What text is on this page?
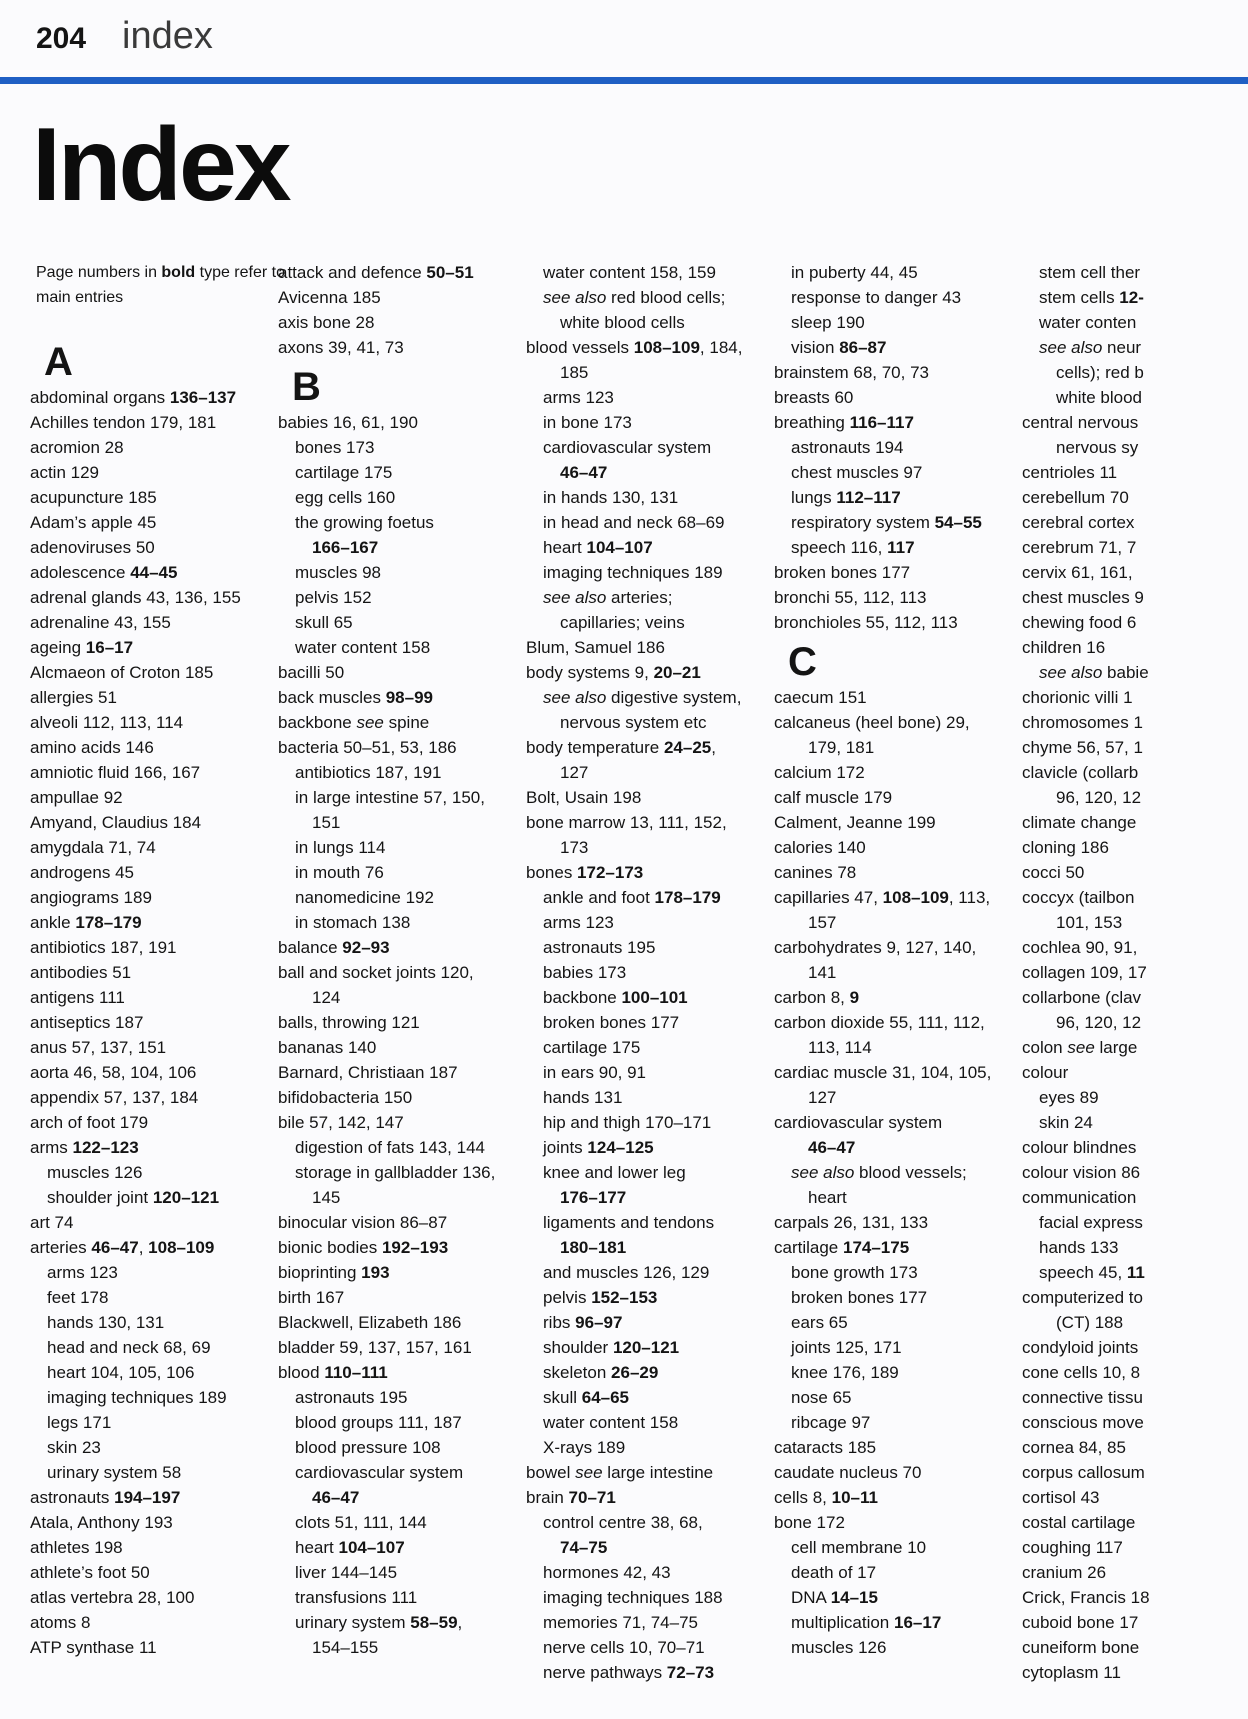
204 index
Index
Page numbers in bold type refer to main entries
A
abdominal organs 136–137
Achilles tendon 179, 181
acromion 28
actin 129
acupuncture 185
Adam’s apple 45
adenoviruses 50
adolescence 44–45
adrenal glands 43, 136, 155
adrenaline 43, 155
ageing 16–17
Alcmaeon of Croton 185
allergies 51
alveoli 112, 113, 114
amino acids 146
amniotic fluid 166, 167
ampullae 92
Amyand, Claudius 184
amygdala 71, 74
androgens 45
angiograms 189
ankle 178–179
antibiotics 187, 191
antibodies 51
antigens 111
antiseptics 187
anus 57, 137, 151
aorta 46, 58, 104, 106
appendix 57, 137, 184
arch of foot 179
arms 122–123
muscles 126
shoulder joint 120–121
art 74
arteries 46–47, 108–109
arms 123
feet 178
hands 130, 131
head and neck 68, 69
heart 104, 105, 106
imaging techniques 189
legs 171
skin 23
urinary system 58
astronauts 194–197
Atala, Anthony 193
athletes 198
athlete’s foot 50
atlas vertebra 28, 100
atoms 8
ATP synthase 11
attack and defence 50–51
Avicenna 185
axis bone 28
axons 39, 41, 73
B
babies 16, 61, 190
bones 173
cartilage 175
egg cells 160
the growing foetus
166–167
muscles 98
pelvis 152
skull 65
water content 158
bacilli 50
back muscles 98–99
backbone see spine
bacteria 50–51, 53, 186
antibiotics 187, 191
in large intestine 57, 150,
151
in lungs 114
in mouth 76
nanomedicine 192
in stomach 138
balance 92–93
ball and socket joints 120,
124
balls, throwing 121
bananas 140
Barnard, Christiaan 187
bifidobacteria 150
bile 57, 142, 147
digestion of fats 143, 144
storage in gallbladder 136,
145
binocular vision 86–87
bionic bodies 192–193
bioprinting 193
birth 167
Blackwell, Elizabeth 186
bladder 59, 137, 157, 161
blood 110–111
astronauts 195
blood groups 111, 187
blood pressure 108
cardiovascular system
46–47
clots 51, 111, 144
heart 104–107
liver 144–145
transfusions 111
urinary system 58–59,
154–155
water content 158, 159
see also red blood cells;
white blood cells
blood vessels 108–109, 184,
185
arms 123
in bone 173
cardiovascular system
46–47
in hands 130, 131
in head and neck 68–69
heart 104–107
imaging techniques 189
see also arteries;
capillaries; veins
Blum, Samuel 186
body systems 9, 20–21
see also digestive system,
nervous system etc
body temperature 24–25,
127
Bolt, Usain 198
bone marrow 13, 111, 152,
173
bones 172–173
ankle and foot 178–179
arms 123
astronauts 195
babies 173
backbone 100–101
broken bones 177
cartilage 175
in ears 90, 91
hands 131
hip and thigh 170–171
joints 124–125
knee and lower leg
176–177
ligaments and tendons
180–181
and muscles 126, 129
pelvis 152–153
ribs 96–97
shoulder 120–121
skeleton 26–29
skull 64–65
water content 158
X-rays 189
bowel see large intestine
brain 70–71
control centre 38, 68,
74–75
hormones 42, 43
imaging techniques 188
memories 71, 74–75
nerve cells 10, 70–71
nerve pathways 72–73
in puberty 44, 45
response to danger 43
sleep 190
vision 86–87
brainstem 68, 70, 73
breasts 60
breathing 116–117
astronauts 194
chest muscles 97
lungs 112–117
respiratory system 54–55
speech 116, 117
broken bones 177
bronchi 55, 112, 113
bronchioles 55, 112, 113
C
caecum 151
calcaneus (heel bone) 29,
179, 181
calcium 172
calf muscle 179
Calment, Jeanne 199
calories 140
canines 78
capillaries 47, 108–109, 113,
157
carbohydrates 9, 127, 140,
141
carbon 8, 9
carbon dioxide 55, 111, 112,
113, 114
cardiac muscle 31, 104, 105,
127
cardiovascular system
46–47
see also blood vessels;
heart
carpals 26, 131, 133
cartilage 174–175
bone growth 173
broken bones 177
ears 65
joints 125, 171
knee 176, 189
nose 65
ribcage 97
cataracts 185
caudate nucleus 70
cells 8, 10–11
bone 172
cell membrane 10
death of 17
DNA 14–15
multiplication 16–17
muscles 126
stem cell ther
stem cells 12-
water conten
see also neur
cells); red b
white blood
central nervous
nervous sy
centrioles 11
cerebellum 70
cerebral cortex
cerebrum 71, 7
cervix 61, 161,
chest muscles 9
chewing food 6
children 16
see also babie
chorionic villi 1
chromosomes 1
chyme 56, 57, 1
clavicle (collarb
96, 120, 12
climate change
cloning 186
cocci 50
coccyx (tailbon
101, 153
cochlea 90, 91,
collagen 109, 17
collarbone (clav
96, 120, 12
colon see large
colour
eyes 89
skin 24
colour blindnes
colour vision 86
communication
facial express
hands 133
speech 45, 11
computerized to
(CT) 188
condyloid joints
cone cells 10, 8
connective tissu
conscious move
cornea 84, 85
corpus callosum
cortisol 43
costal cartilage
coughing 117
cranium 26
Crick, Francis 18
cuboid bone 17
cuneiform bone
cytoplasm 11
